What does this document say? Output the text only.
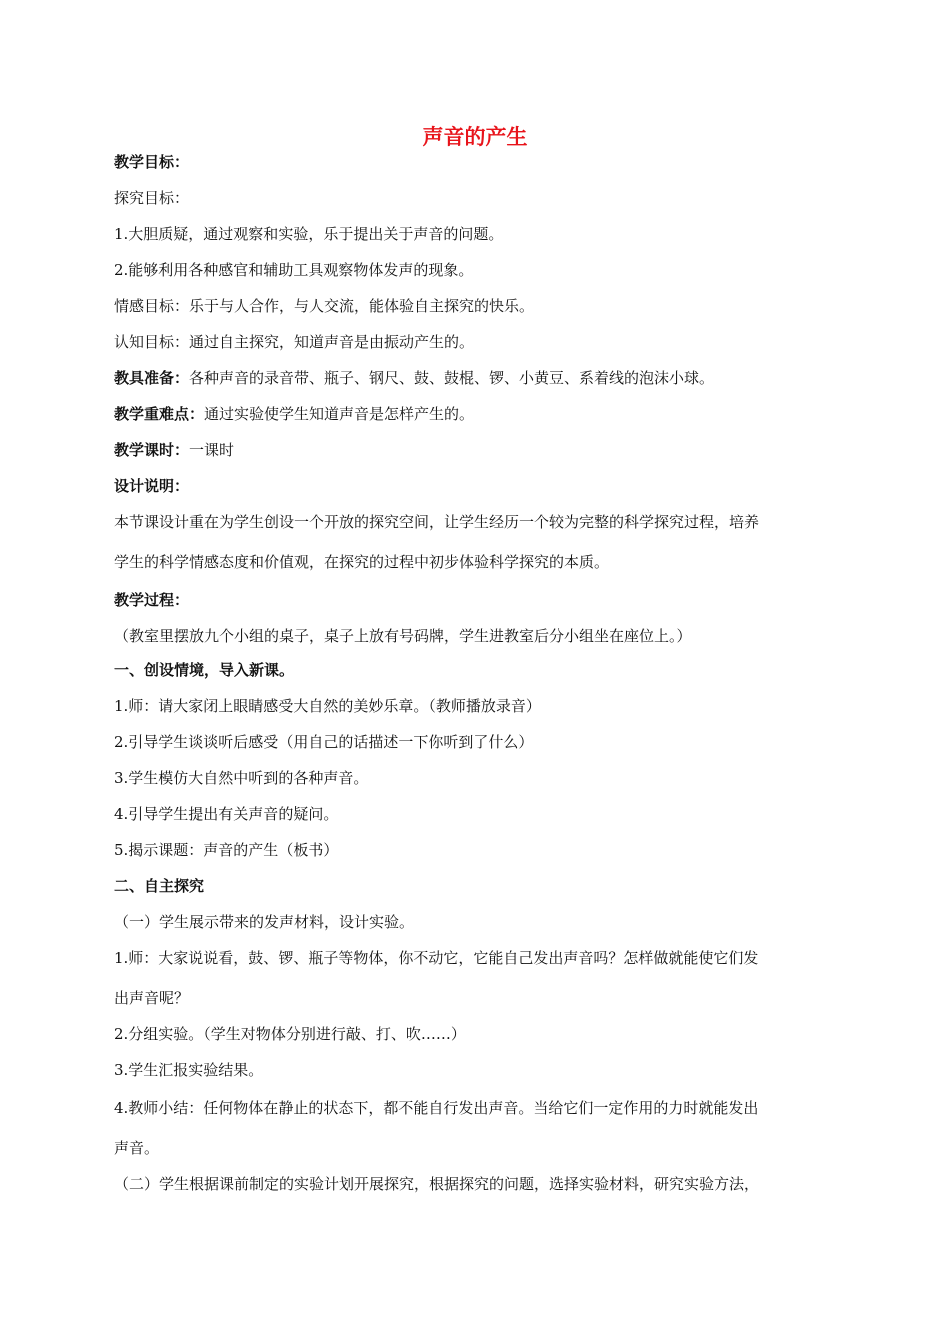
声音的产生
教学目标：
探究目标：
1.大胆质疑，通过观察和实验，乐于提出关于声音的问题。
2.能够利用各种感官和辅助工具观察物体发声的现象。
情感目标：乐于与人合作，与人交流，能体验自主探究的快乐。
认知目标：通过自主探究，知道声音是由振动产生的。
教具准备：各种声音的录音带、瓶子、钢尺、鼓、鼓棍、锣、小黄豆、系着线的泡沫小球。
教学重难点：通过实验使学生知道声音是怎样产生的。
教学课时：一课时
设计说明：
本节课设计重在为学生创设一个开放的探究空间，让学生经历一个较为完整的科学探究过程，培养
学生的科学情感态度和价值观，在探究的过程中初步体验科学探究的本质。
教学过程：
（教室里摆放九个小组的桌子，桌子上放有号码牌，学生进教室后分小组坐在座位上。）
一、创设情境，导入新课。
1.师：请大家闭上眼睛感受大自然的美妙乐章。（教师播放录音）
2.引导学生谈谈听后感受（用自己的话描述一下你听到了什么）
3.学生模仿大自然中听到的各种声音。
4.引导学生提出有关声音的疑问。
5.揭示课题：声音的产生（板书）
二、自主探究
（一）学生展示带来的发声材料，设计实验。
1.师：大家说说看，鼓、锣、瓶子等物体，你不动它，它能自己发出声音吗？怎样做就能使它们发
出声音呢？
2.分组实验。（学生对物体分别进行敲、打、吹……）
3.学生汇报实验结果。
4.教师小结：任何物体在静止的状态下，都不能自行发出声音。当给它们一定作用的力时就能发出
声音。
（二）学生根据课前制定的实验计划开展探究，根据探究的问题，选择实验材料，研究实验方法，
